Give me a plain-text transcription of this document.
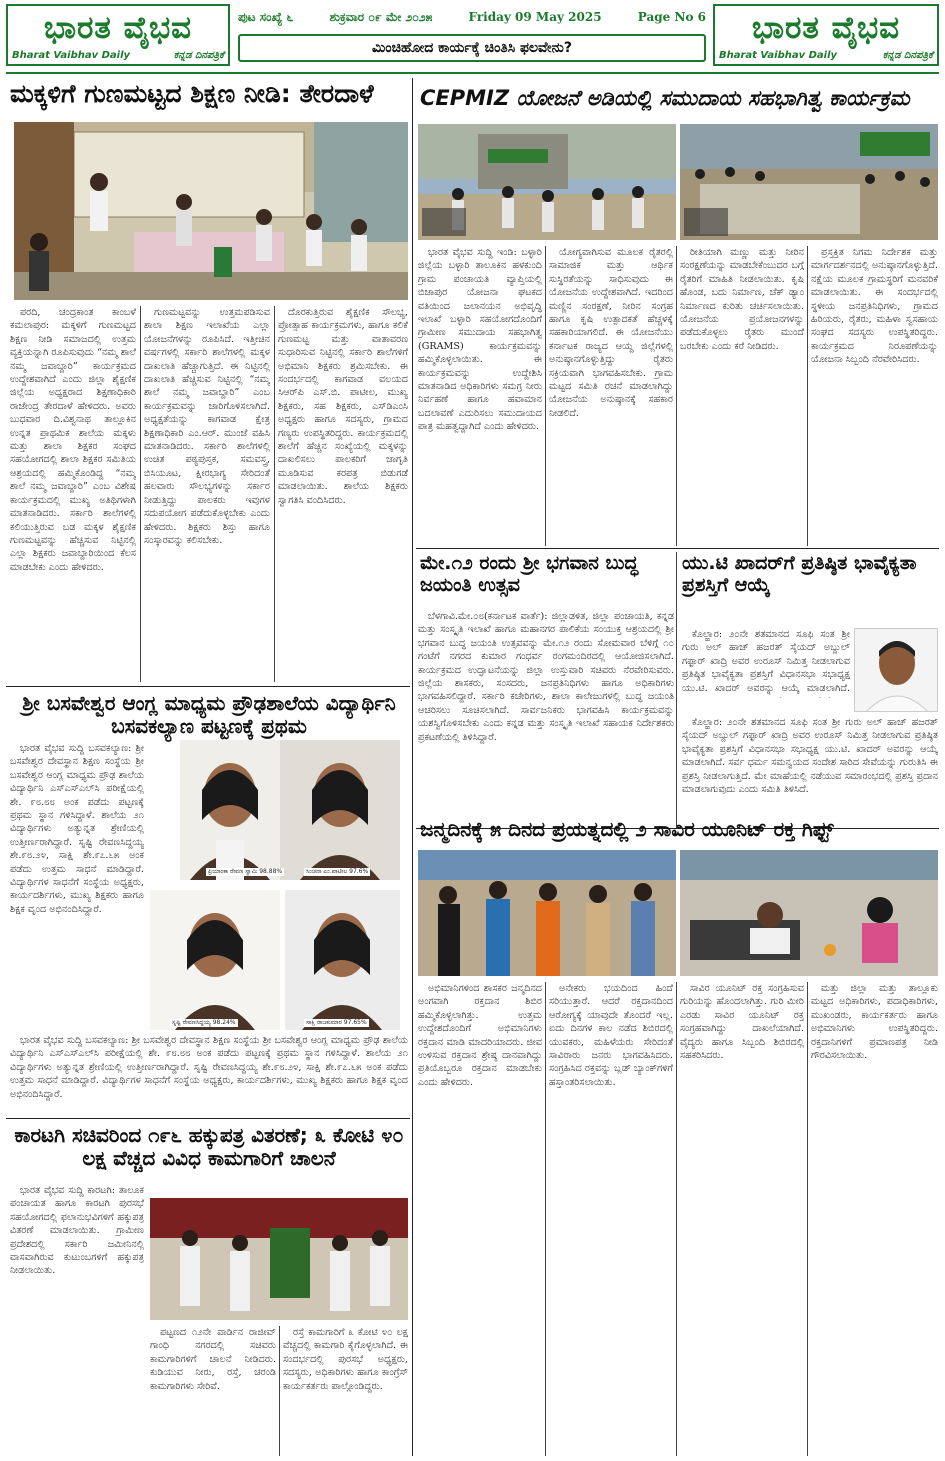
ಭಾರತ ವೈಭವ
Bharat Vaibhav Daily	ಕನ್ನಡ ದಿನಪತ್ರಿಕೆ
ಭಾರತ ವೈಭವ
Bharat Vaibhav Daily	ಕನ್ನಡ ದಿನಪತ್ರಿಕೆ
ಪುಟ ಸಂಖ್ಯೆ ೬	ಶುಕ್ರವಾರ ೦೯ ಮೇ ೨೦೨೫	Friday 09 May 2025	Page No 6
ಮಿಂಚಿಹೋದ ಕಾರ್ಯಕ್ಕೆ ಚಿಂತಿಸಿ ಫಲವೇನು?
ಮಕ್ಕಳಿಗೆ ಗುಣಮಟ್ಟದ ಶಿಕ್ಷಣ ನೀಡಿ: ತೇರದಾಳೆ

ಪರದಿ, ಚಂದ್ರಕಾಂತ ಕಾಂಬಳೆ ಕಮಲಾಪುರ: ಮಕ್ಕಳಿಗೆ ಗುಣಮಟ್ಟದ ಶಿಕ್ಷಣ ನೀಡಿ ಸಮಾಜದಲ್ಲಿ ಉತ್ತಮ ವ್ಯಕ್ತಿಯನ್ನಾಗಿ ರೂಪಿಸುವುದು “ನಮ್ಮ ಶಾಲೆ ನಮ್ಮ ಜವಾಬ್ದಾರಿ” ಕಾರ್ಯಕ್ರಮದ ಉದ್ದೇಶವಾಗಿದೆ ಎಂದು ಜಿಲ್ಲಾ ಶೈಕ್ಷಣಿಕ ಜಿಲ್ಲೆಯ ಅಧ್ಯಕ್ಷರಾದ ಶಿಕ್ಷಣಾಧಿಕಾರಿ ರಾಜೇಂದ್ರ ತೇರದಾಳೆ ಹೇಳಿದರು. ಅವರು ಬುಧವಾರ ದಿ.ವಿಶ್ವನಾಥ ತಾಲ್ಲೂಕಿನ ಉನ್ನತ ಪ್ರಾಥಮಿಕ ಶಾಲೆಯ ಮಕ್ಕಳು ಮತ್ತು ಶಾಲಾ ಶಿಕ್ಷಕರ ಸಂಘದ ಸಹಯೋಗದಲ್ಲಿ ಶಾಲಾ ಶಿಕ್ಷಕರ ಸಮಿತಿಯ ಆಶ್ರಯದಲ್ಲಿ ಹಮ್ಮಿಕೊಂಡಿದ್ದ “ನಮ್ಮ ಶಾಲೆ ನಮ್ಮ ಜವಾಬ್ದಾರಿ” ಎಂಬ ವಿಶೇಷ ಕಾರ್ಯಕ್ರಮದಲ್ಲಿ ಮುಖ್ಯ ಅತಿಥಿಗಳಾಗಿ ಮಾತನಾಡಿದರು. ಸರ್ಕಾರಿ ಶಾಲೆಗಳಲ್ಲಿ ಕಲಿಯುತ್ತಿರುವ ಬಡ ಮಕ್ಕಳ ಶೈಕ್ಷಣಿಕ ಗುಣಮಟ್ಟವನ್ನು ಹೆಚ್ಚಿಸುವ ನಿಟ್ಟಿನಲ್ಲಿ ಎಲ್ಲಾ ಶಿಕ್ಷಕರು ಜವಾಬ್ದಾರಿಯಿಂದ ಕೆಲಸ ಮಾಡಬೇಕು ಎಂದು ಹೇಳಿದರು.

ಗುಣಮಟ್ಟವನ್ನು ಉತ್ತಮಪಡಿಸುವ ಶಾಲಾ ಶಿಕ್ಷಣ ಇಲಾಖೆಯ ಎಲ್ಲಾ ಯೋಜನೆಗಳನ್ನು ರೂಪಿಸಿದೆ. ಇತ್ತೀಚಿನ ವರ್ಷಗಳಲ್ಲಿ ಸರ್ಕಾರಿ ಶಾಲೆಗಳಲ್ಲಿ ಮಕ್ಕಳ ದಾಖಲಾತಿ ಹೆಚ್ಚಾಗುತ್ತಿದೆ. ಈ ನಿಟ್ಟಿನಲ್ಲಿ ದಾಖಲಾತಿ ಹೆಚ್ಚಿಸುವ ನಿಟ್ಟಿನಲ್ಲಿ “ನಮ್ಮ ಶಾಲೆ ನಮ್ಮ ಜವಾಬ್ದಾರಿ” ಎಂಬ ಕಾರ್ಯಕ್ರಮವನ್ನು ಜಾರಿಗೊಳಿಸಲಾಗಿದೆ. ಅಧ್ಯಕ್ಷತೆಯನ್ನು ಕಾಗವಾಡ ಕ್ಷೇತ್ರ ಶಿಕ್ಷಣಾಧಿಕಾರಿ ಎಂ.ಆರ್. ಮುಂಜೆ ವಹಿಸಿ ಮಾತನಾಡಿದರು. ಸರ್ಕಾರಿ ಶಾಲೆಗಳಲ್ಲಿ ಉಚಿತ ಪಠ್ಯಪುಸ್ತಕ, ಸಮವಸ್ತ್ರ, ಬಿಸಿಯೂಟ, ಕ್ಷೀರಭಾಗ್ಯ ಸೇರಿದಂತೆ ಹಲವಾರು ಸೌಲಭ್ಯಗಳನ್ನು ಸರ್ಕಾರ ನೀಡುತ್ತಿದ್ದು ಪಾಲಕರು ಇವುಗಳ ಸದುಪಯೋಗ ಪಡೆದುಕೊಳ್ಳಬೇಕು ಎಂದು ಹೇಳಿದರು. ಶಿಕ್ಷಕರು ಶಿಸ್ತು ಹಾಗೂ ಸಂಸ್ಕಾರವನ್ನು ಕಲಿಸಬೇಕು.

ದೊರಕುತ್ತಿರುವ ಶೈಕ್ಷಣಿಕ ಸೌಲಭ್ಯ, ಪ್ರೋತ್ಸಾಹ ಕಾರ್ಯಕ್ರಮಗಳು, ಹಾಗೂ ಕಲಿಕೆ ಗುಣಮಟ್ಟ ಮತ್ತು ವಾತಾವರಣ ಸುಧಾರಿಸುವ ನಿಟ್ಟಿನಲ್ಲಿ ಸರ್ಕಾರಿ ಶಾಲೆಗಳಿಗೆ ಅಭಿಮಾನಿ ಶಿಕ್ಷಕರು ಶ್ರಮಿಸಬೇಕು. ಈ ಸಂದರ್ಭದಲ್ಲಿ ಕಾಗವಾಡ ವಲಯದ ಸಿಆರ್‌ಪಿ ಎಸ್.ಬಿ. ಪಾಟೀಲ, ಮುಖ್ಯ ಶಿಕ್ಷಕರು, ಸಹ ಶಿಕ್ಷಕರು, ಎಸ್‌ಡಿಎಂಸಿ ಅಧ್ಯಕ್ಷರು ಹಾಗೂ ಸದಸ್ಯರು, ಗ್ರಾಮದ ಗಣ್ಯರು ಉಪಸ್ಥಿತರಿದ್ದರು. ಕಾರ್ಯಕ್ರಮದಲ್ಲಿ ಶಾಲೆಗೆ ಹೆಚ್ಚಿನ ಸಂಖ್ಯೆಯಲ್ಲಿ ಮಕ್ಕಳನ್ನು ದಾಖಲಿಸಲು ಪಾಲಕರಿಗೆ ಜಾಗೃತಿ ಮೂಡಿಸುವ ಕರಪತ್ರ ಬಿಡುಗಡೆ ಮಾಡಲಾಯಿತು. ಶಾಲೆಯ ಶಿಕ್ಷಕರು ಸ್ವಾಗತಿಸಿ ವಂದಿಸಿದರು.

CEPMIZ ಯೋಜನೆ ಅಡಿಯಲ್ಲಿ ಸಮುದಾಯ ಸಹಭಾಗಿತ್ವ ಕಾರ್ಯಕ್ರಮ

ಭಾರತ ವೈಭವ ಸುದ್ದಿ ಇಂಡಿ: ಬಳ್ಳಾರಿ ಜಿಲ್ಲೆಯ ಬಳ್ಳಾರಿ ತಾಲೂಕಿನ ಹಳಕುಂದಿ ಗ್ರಾಮ ಪಂಚಾಯತಿ ವ್ಯಾಪ್ತಿಯಲ್ಲಿ ಬಿಜಾಪುರ ಯೋಜನಾ ಘಟಕದ ವತಿಯಿಂದ ಜಲಾನಯನ ಅಭಿವೃದ್ಧಿ ಇಲಾಖೆ ಬಳ್ಳಾರಿ ಸಹಯೋಗದೊಂದಿಗೆ ಗ್ರಾಮೀಣ ಸಮುದಾಯ ಸಹಭಾಗಿತ್ವ (GRAMS) ಕಾರ್ಯಕ್ರಮವನ್ನು ಹಮ್ಮಿಕೊಳ್ಳಲಾಯಿತು. ಈ ಕಾರ್ಯಕ್ರಮವನ್ನು ಉದ್ದೇಶಿಸಿ ಮಾತನಾಡಿದ ಅಧಿಕಾರಿಗಳು ಸಮಗ್ರ ನೀರು ನಿರ್ವಹಣೆ ಹಾಗೂ ಹವಾಮಾನ ಬದಲಾವಣೆ ಎದುರಿಸಲು ಸಮುದಾಯದ ಪಾತ್ರ ಮಹತ್ವದ್ದಾಗಿದೆ ಎಂದು ಹೇಳಿದರು.

ಯೋಗ್ಯವಾಗಿಸುವ ಮೂಲಕ ರೈತರಲ್ಲಿ ಸಾಮಾಜಿಕ ಮತ್ತು ಆರ್ಥಿಕ ಸುಸ್ಥಿರತೆಯನ್ನು ಸಾಧಿಸುವುದು ಈ ಯೋಜನೆಯ ಉದ್ದೇಶವಾಗಿದೆ. ಇದರಿಂದ ಮಣ್ಣಿನ ಸಂರಕ್ಷಣೆ, ನೀರಿನ ಸಂಗ್ರಹ ಹಾಗೂ ಕೃಷಿ ಉತ್ಪಾದಕತೆ ಹೆಚ್ಚಳಕ್ಕೆ ಸಹಕಾರಿಯಾಗಲಿದೆ. ಈ ಯೋಜನೆಯು ಕರ್ನಾಟಕ ರಾಜ್ಯದ ಆಯ್ದ ಜಿಲ್ಲೆಗಳಲ್ಲಿ ಅನುಷ್ಠಾನಗೊಳ್ಳುತ್ತಿದ್ದು ರೈತರು ಸಕ್ರಿಯವಾಗಿ ಭಾಗವಹಿಸಬೇಕು. ಗ್ರಾಮ ಮಟ್ಟದ ಸಮಿತಿ ರಚನೆ ಮಾಡಲಾಗಿದ್ದು ಯೋಜನೆಯ ಅನುಷ್ಠಾನಕ್ಕೆ ಸಹಕಾರ ನೀಡಲಿದೆ.

ರೀತಿಯಾಗಿ ಮಣ್ಣು ಮತ್ತು ನೀರಿನ ಸಂರಕ್ಷಣೆಯನ್ನು ಮಾಡಬೇಕೆಂಬುದರ ಬಗ್ಗೆ ರೈತರಿಗೆ ಮಾಹಿತಿ ನೀಡಲಾಯಿತು. ಕೃಷಿ ಹೊಂಡ, ಬದು ನಿರ್ಮಾಣ, ಚೆಕ್ ಡ್ಯಾಂ ನಿರ್ಮಾಣದ ಕುರಿತು ಚರ್ಚಿಸಲಾಯಿತು. ಯೋಜನೆಯ ಪ್ರಯೋಜನಗಳನ್ನು ಪಡೆದುಕೊಳ್ಳಲು ರೈತರು ಮುಂದೆ ಬರಬೇಕು ಎಂದು ಕರೆ ನೀಡಿದರು.

ಪ್ರಸ್ತಕ್ತಿತ ನಿಗಮ ನಿರ್ದೇಶಕ ಮತ್ತು ಮಾರ್ಗದರ್ಶನದಲ್ಲಿ ಅನುಷ್ಠಾನಗೊಳ್ಳುತ್ತಿದೆ. ನಕ್ಷೆಯ ಮೂಲಕ ಗ್ರಾಮಸ್ಥರಿಗೆ ಮನವರಿಕೆ ಮಾಡಲಾಯಿತು. ಈ ಸಂದರ್ಭದಲ್ಲಿ ಸ್ಥಳೀಯ ಜನಪ್ರತಿನಿಧಿಗಳು, ಗ್ರಾಮದ ಹಿರಿಯರು, ರೈತರು, ಮಹಿಳಾ ಸ್ವಸಹಾಯ ಸಂಘದ ಸದಸ್ಯರು ಉಪಸ್ಥಿತರಿದ್ದರು. ಕಾರ್ಯಕ್ರಮದ ನಿರೂಪಣೆಯನ್ನು ಯೋಜನಾ ಸಿಬ್ಬಂದಿ ನೆರವೇರಿಸಿದರು.

ಮೇ.೧೨ ರಂದು ಶ್ರೀ ಭಗವಾನ ಬುದ್ಧ ಜಯಂತಿ ಉತ್ಸವ

ಬೆಳಗಾವಿ.ಮೇ.೦೮(ಕರ್ನಾಟಕ ವಾರ್ತೆ): ಜಿಲ್ಲಾಡಳಿತ, ಜಿಲ್ಲಾ ಪಂಚಾಯತಿ, ಕನ್ನಡ ಮತ್ತು ಸಂಸ್ಕೃತಿ ಇಲಾಖೆ ಹಾಗೂ ಮಹಾನಗರ ಪಾಲಿಕೆಯ ಸಂಯುಕ್ತ ಆಶ್ರಯದಲ್ಲಿ ಶ್ರೀ ಭಗವಾನ ಬುದ್ಧ ಜಯಂತಿ ಉತ್ಸವವನ್ನು ಮೇ.೧೨ ರಂದು ಸೋಮವಾರ ಬೆಳಿಗ್ಗೆ ೧೦ ಗಂಟೆಗೆ ನಗರದ ಕುಮಾರ ಗಂಧರ್ವ ರಂಗಮಂದಿರದಲ್ಲಿ ಆಯೋಜಿಸಲಾಗಿದೆ. ಕಾರ್ಯಕ್ರಮದ ಉದ್ಘಾಟನೆಯನ್ನು ಜಿಲ್ಲಾ ಉಸ್ತುವಾರಿ ಸಚಿವರು ನೆರವೇರಿಸುವರು. ಜಿಲ್ಲೆಯ ಶಾಸಕರು, ಸಂಸದರು, ಜನಪ್ರತಿನಿಧಿಗಳು ಹಾಗೂ ಅಧಿಕಾರಿಗಳು ಭಾಗವಹಿಸಲಿದ್ದಾರೆ. ಸರ್ಕಾರಿ ಕಚೇರಿಗಳು, ಶಾಲಾ ಕಾಲೇಜುಗಳಲ್ಲಿ ಬುದ್ಧ ಜಯಂತಿ ಆಚರಿಸಲು ಸೂಚಿಸಲಾಗಿದೆ. ಸಾರ್ವಜನಿಕರು ಭಾಗವಹಿಸಿ ಕಾರ್ಯಕ್ರಮವನ್ನು ಯಶಸ್ವಿಗೊಳಿಸಬೇಕು ಎಂದು ಕನ್ನಡ ಮತ್ತು ಸಂಸ್ಕೃತಿ ಇಲಾಖೆ ಸಹಾಯಕ ನಿರ್ದೇಶಕರು ಪ್ರಕಟಣೆಯಲ್ಲಿ ತಿಳಿಸಿದ್ದಾರೆ.

ಯು.ಟಿ ಖಾದರ್‌ಗೆ ಪ್ರತಿಷ್ಠಿತ ಭಾವೈಕ್ಯತಾ ಪ್ರಶಸ್ತಿಗೆ ಆಯ್ಕೆ

ಕೊಲ್ಹಾರ: ೨೦ನೇ ಶತಮಾನದ ಸೂಫಿ ಸಂತ ಶ್ರೀ ಗುರು ಅಲ್ ಹಾಜ್ ಹಜರತ್ ಸೈಯದ್ ಅಬ್ದುಲ್ ಗಫ್ಫಾರ್ ಖಾದ್ರಿ ಅವರ ಉರೂಸ್ ನಿಮಿತ್ತ ನೀಡಲಾಗುವ ಪ್ರತಿಷ್ಠಿತ ಭಾವೈಕ್ಯತಾ ಪ್ರಶಸ್ತಿಗೆ ವಿಧಾನಸಭಾ ಸಭಾಧ್ಯಕ್ಷ ಯು.ಟಿ. ಖಾದರ್ ಅವರನ್ನು ಆಯ್ಕೆ ಮಾಡಲಾಗಿದೆ.

ಕೊಲ್ಹಾರ: ೨೦ನೇ ಶತಮಾನದ ಸೂಫಿ ಸಂತ ಶ್ರೀ ಗುರು ಅಲ್ ಹಾಜ್ ಹಜರತ್ ಸೈಯದ್ ಅಬ್ದುಲ್ ಗಫ್ಫಾರ್ ಖಾದ್ರಿ ಅವರ ಉರೂಸ್ ನಿಮಿತ್ತ ನೀಡಲಾಗುವ ಪ್ರತಿಷ್ಠಿತ ಭಾವೈಕ್ಯತಾ ಪ್ರಶಸ್ತಿಗೆ ವಿಧಾನಸಭಾ ಸಭಾಧ್ಯಕ್ಷ ಯು.ಟಿ. ಖಾದರ್ ಅವರನ್ನು ಆಯ್ಕೆ ಮಾಡಲಾಗಿದೆ. ಸರ್ವ ಧರ್ಮ ಸಮನ್ವಯದ ಸಂದೇಶ ಸಾರಿದ ಸೇವೆಯನ್ನು ಗುರುತಿಸಿ ಈ ಪ್ರಶಸ್ತಿ ನೀಡಲಾಗುತ್ತಿದೆ. ಮೇ ಮಾಹೆಯಲ್ಲಿ ನಡೆಯುವ ಸಮಾರಂಭದಲ್ಲಿ ಪ್ರಶಸ್ತಿ ಪ್ರದಾನ ಮಾಡಲಾಗುವುದು ಎಂದು ಸಮಿತಿ ತಿಳಿಸಿದೆ.

ಶ್ರೀ ಬಸವೇಶ್ವರ ಆಂಗ್ಲ ಮಾಧ್ಯಮ ಪ್ರೌಢಶಾಲೆಯ ವಿದ್ಯಾರ್ಥಿನಿ ಬಸವಕಲ್ಯಾಣ ಪಟ್ಟಣಕ್ಕೆ ಪ್ರಥಮ

ಭಾರತ ವೈಭವ ಸುದ್ದಿ ಬಸವಕಲ್ಯಾಣ: ಶ್ರೀ ಬಸವೇಶ್ವರ ದೇವಸ್ಥಾನ ಶಿಕ್ಷಣ ಸಂಸ್ಥೆಯ ಶ್ರೀ ಬಸವೇಶ್ವರ ಆಂಗ್ಲ ಮಾಧ್ಯಮ ಪ್ರೌಢ ಶಾಲೆಯ ವಿದ್ಯಾರ್ಥಿನಿ ಎಸ್‌ಎಸ್‌ಎಲ್‌ಸಿ ಪರೀಕ್ಷೆಯಲ್ಲಿ ಶೇ. ೯೮.೮೮ ಅಂಕ ಪಡೆದು ಪಟ್ಟಣಕ್ಕೆ ಪ್ರಥಮ ಸ್ಥಾನ ಗಳಿಸಿದ್ದಾಳೆ. ಶಾಲೆಯ ೨೧ ವಿದ್ಯಾರ್ಥಿಗಳು ಅತ್ಯುನ್ನತ ಶ್ರೇಣಿಯಲ್ಲಿ ಉತ್ತೀರ್ಣರಾಗಿದ್ದಾರೆ. ಸೃಷ್ಟಿ ರೇವಣಸಿದ್ದಯ್ಯ ಶೇ.೯೮.೨೪, ಸಾಕ್ಷಿ ಶೇ.೯೭.೬೫ ಅಂಕ ಪಡೆದು ಉತ್ತಮ ಸಾಧನೆ ಮಾಡಿದ್ದಾರೆ. ವಿದ್ಯಾರ್ಥಿಗಳ ಸಾಧನೆಗೆ ಸಂಸ್ಥೆಯ ಅಧ್ಯಕ್ಷರು, ಕಾರ್ಯದರ್ಶಿಗಳು, ಮುಖ್ಯ ಶಿಕ್ಷಕರು ಹಾಗೂ ಶಿಕ್ಷಕ ವೃಂದ ಅಭಿನಂದಿಸಿದ್ದಾರೆ.

ಪ್ರಿಯಾಂಕಾ ರೇವಣ ಸ್ವಾಮಿ 98.88%	ಸಿಂಚನಾ ಎಂ.ಪಾಟೀಲ 97.6%
ಸೃಷ್ಟಿ ರೇವಣಸಿದ್ದಯ್ಯ 98.24%	ಸಾಕ್ಷಿ ರಾಜಕುಮಾರ 97.65%

ಭಾರತ ವೈಭವ ಸುದ್ದಿ ಬಸವಕಲ್ಯಾಣ: ಶ್ರೀ ಬಸವೇಶ್ವರ ದೇವಸ್ಥಾನ ಶಿಕ್ಷಣ ಸಂಸ್ಥೆಯ ಶ್ರೀ ಬಸವೇಶ್ವರ ಆಂಗ್ಲ ಮಾಧ್ಯಮ ಪ್ರೌಢ ಶಾಲೆಯ ವಿದ್ಯಾರ್ಥಿನಿ ಎಸ್‌ಎಸ್‌ಎಲ್‌ಸಿ ಪರೀಕ್ಷೆಯಲ್ಲಿ ಶೇ. ೯೮.೮೮ ಅಂಕ ಪಡೆದು ಪಟ್ಟಣಕ್ಕೆ ಪ್ರಥಮ ಸ್ಥಾನ ಗಳಿಸಿದ್ದಾಳೆ. ಶಾಲೆಯ ೨೧ ವಿದ್ಯಾರ್ಥಿಗಳು ಅತ್ಯುನ್ನತ ಶ್ರೇಣಿಯಲ್ಲಿ ಉತ್ತೀರ್ಣರಾಗಿದ್ದಾರೆ. ಸೃಷ್ಟಿ ರೇವಣಸಿದ್ದಯ್ಯ ಶೇ.೯೮.೨೪, ಸಾಕ್ಷಿ ಶೇ.೯೭.೬೫ ಅಂಕ ಪಡೆದು ಉತ್ತಮ ಸಾಧನೆ ಮಾಡಿದ್ದಾರೆ. ವಿದ್ಯಾರ್ಥಿಗಳ ಸಾಧನೆಗೆ ಸಂಸ್ಥೆಯ ಅಧ್ಯಕ್ಷರು, ಕಾರ್ಯದರ್ಶಿಗಳು, ಮುಖ್ಯ ಶಿಕ್ಷಕರು ಹಾಗೂ ಶಿಕ್ಷಕ ವೃಂದ ಅಭಿನಂದಿಸಿದ್ದಾರೆ.

ಕಾರಟಗಿ ಸಚಿವರಿಂದ ೧೯೬ ಹಕ್ಕುಪತ್ರ ವಿತರಣೆ; ೩ ಕೋಟಿ ೪೦ ಲಕ್ಷ ವೆಚ್ಚದ ವಿವಿಧ ಕಾಮಗಾರಿಗೆ ಚಾಲನೆ

ಭಾರತ ವೈಭವ ಸುದ್ದಿ ಕಾರಟಗಿ: ತಾಲೂಕ ಪಂಚಾಯತ ಹಾಗೂ ಕಾರಟಗಿ ಪುರಸಭೆ ಸಹಯೋಗದಲ್ಲಿ ಫಲಾನುಭವಿಗಳಿಗೆ ಹಕ್ಕುಪತ್ರ ವಿತರಣೆ ಮಾಡಲಾಯಿತು. ಗ್ರಾಮೀಣ ಪ್ರದೇಶದಲ್ಲಿ ಸರ್ಕಾರಿ ಜಮೀನಿನಲ್ಲಿ ವಾಸವಾಗಿರುವ ಕುಟುಂಬಗಳಿಗೆ ಹಕ್ಕುಪತ್ರ ನೀಡಲಾಯಿತು.

ಪಟ್ಟಣದ ೧೨ನೇ ವಾರ್ಡಿನ ರಾಜೀವ್ ಗಾಂಧಿ ನಗರದಲ್ಲಿ ಸಚಿವರು ಕಾಮಗಾರಿಗಳಿಗೆ ಚಾಲನೆ ನೀಡಿದರು. ಕುಡಿಯುವ ನೀರು, ರಸ್ತೆ, ಚರಂಡಿ ಕಾಮಗಾರಿಗಳು ಸೇರಿವೆ.

ರಸ್ತೆ ಕಾಮಗಾರಿಗೆ ೩ ಕೋಟಿ ೪೦ ಲಕ್ಷ ವೆಚ್ಚದಲ್ಲಿ ಕಾಮಗಾರಿ ಕೈಗೊಳ್ಳಲಾಗಿದೆ. ಈ ಸಂದರ್ಭದಲ್ಲಿ ಪುರಸಭೆ ಅಧ್ಯಕ್ಷರು, ಸದಸ್ಯರು, ಅಧಿಕಾರಿಗಳು ಹಾಗೂ ಕಾಂಗ್ರೆಸ್ ಕಾರ್ಯಕರ್ತರು ಪಾಲ್ಗೊಂಡಿದ್ದರು.

ಜನ್ಮದಿನಕ್ಕೆ ೫ ದಿನದ ಪ್ರಯತ್ನದಲ್ಲಿ ೨ ಸಾವಿರ ಯೂನಿಟ್ ರಕ್ತ ಗಿಫ್ಟ್

ಅಭಿಮಾನಿಗಳಿಂದ ಶಾಸಕರ ಜನ್ಮದಿನದ ಅಂಗವಾಗಿ ರಕ್ತದಾನ ಶಿಬಿರ ಹಮ್ಮಿಕೊಳ್ಳಲಾಗಿತ್ತು. ಉತ್ತಮ ಉದ್ದೇಶದೊಂದಿಗೆ ಅಭಿಮಾನಿಗಳು ರಕ್ತದಾನ ಮಾಡಿ ಮಾದರಿಯಾದರು. ಜೀವ ಉಳಿಸುವ ರಕ್ತದಾನ ಶ್ರೇಷ್ಠ ದಾನವಾಗಿದ್ದು ಪ್ರತಿಯೊಬ್ಬರೂ ರಕ್ತದಾನ ಮಾಡಬೇಕು ಎಂದು ಹೇಳಿದರು.

ಅನೇಕರು ಭಯದಿಂದ ಹಿಂದೆ ಸರಿಯುತ್ತಾರೆ. ಆದರೆ ರಕ್ತದಾನದಿಂದ ಆರೋಗ್ಯಕ್ಕೆ ಯಾವುದೇ ತೊಂದರೆ ಇಲ್ಲ. ಐದು ದಿನಗಳ ಕಾಲ ನಡೆದ ಶಿಬಿರದಲ್ಲಿ ಯುವಕರು, ಮಹಿಳೆಯರು ಸೇರಿದಂತೆ ಸಾವಿರಾರು ಜನರು ಭಾಗವಹಿಸಿದರು. ಸಂಗ್ರಹಿಸಿದ ರಕ್ತವನ್ನು ಬ್ಲಡ್ ಬ್ಯಾಂಕ್‌ಗಳಿಗೆ ಹಸ್ತಾಂತರಿಸಲಾಯಿತು.

ಸಾವಿರ ಯೂನಿಟ್ ರಕ್ತ ಸಂಗ್ರಹಿಸುವ ಗುರಿಯನ್ನು ಹೊಂದಲಾಗಿತ್ತು. ಗುರಿ ಮೀರಿ ಎರಡು ಸಾವಿರ ಯೂನಿಟ್ ರಕ್ತ ಸಂಗ್ರಹವಾಗಿದ್ದು ದಾಖಲೆಯಾಗಿದೆ. ವೈದ್ಯರು ಹಾಗೂ ಸಿಬ್ಬಂದಿ ಶಿಬಿರದಲ್ಲಿ ಸಹಕರಿಸಿದರು.

ಮತ್ತು ಜಿಲ್ಲಾ ಮತ್ತು ತಾಲ್ಲೂಕು ಮಟ್ಟದ ಅಧಿಕಾರಿಗಳು, ಪದಾಧಿಕಾರಿಗಳು, ಮುಖಂಡರು, ಕಾರ್ಯಕರ್ತರು ಹಾಗೂ ಅಭಿಮಾನಿಗಳು ಉಪಸ್ಥಿತರಿದ್ದರು. ರಕ್ತದಾನಿಗಳಿಗೆ ಪ್ರಮಾಣಪತ್ರ ನೀಡಿ ಗೌರವಿಸಲಾಯಿತು.
